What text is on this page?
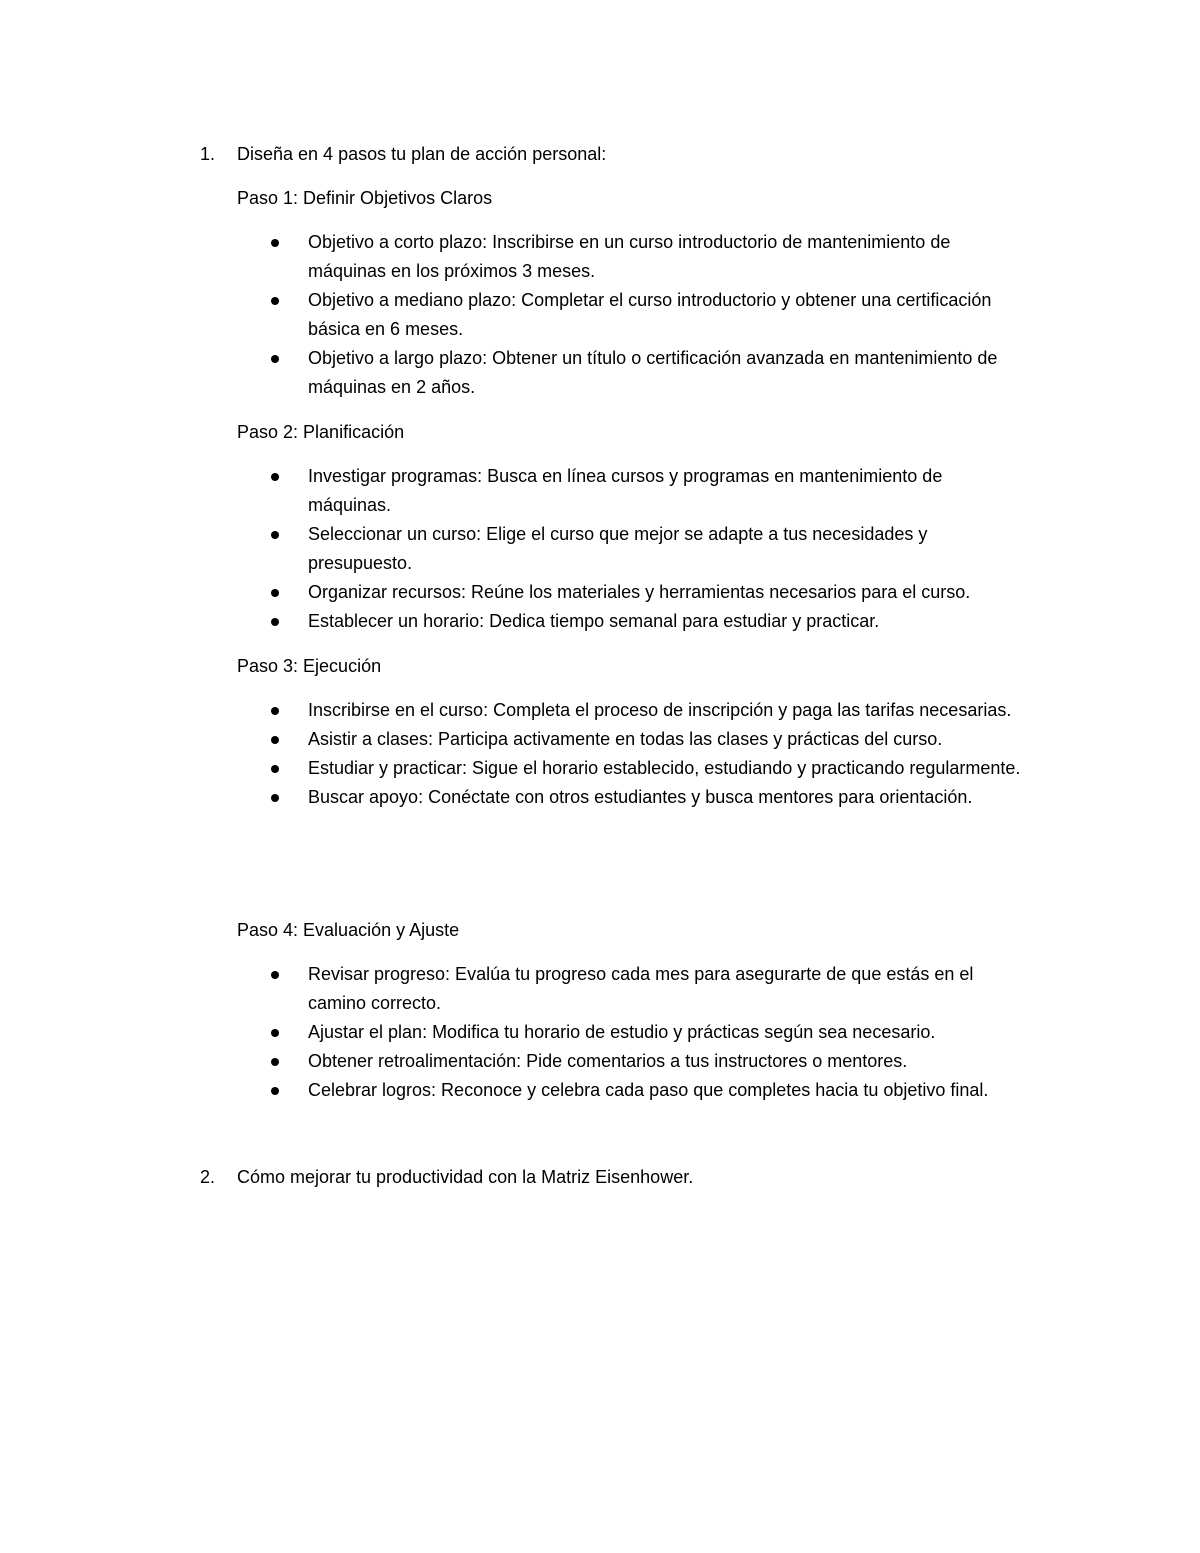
1.	Diseña en 4 pasos tu plan de acción personal:
Paso 1: Definir Objetivos Claros
Objetivo a corto plazo: Inscribirse en un curso introductorio de mantenimiento de máquinas en los próximos 3 meses.
Objetivo a mediano plazo: Completar el curso introductorio y obtener una certificación básica en 6 meses.
Objetivo a largo plazo: Obtener un título o certificación avanzada en mantenimiento de máquinas en 2 años.
Paso 2: Planificación
Investigar programas: Busca en línea cursos y programas en mantenimiento de máquinas.
Seleccionar un curso: Elige el curso que mejor se adapte a tus necesidades y presupuesto.
Organizar recursos: Reúne los materiales y herramientas necesarios para el curso.
Establecer un horario: Dedica tiempo semanal para estudiar y practicar.
Paso 3: Ejecución
Inscribirse en el curso: Completa el proceso de inscripción y paga las tarifas necesarias.
Asistir a clases: Participa activamente en todas las clases y prácticas del curso.
Estudiar y practicar: Sigue el horario establecido, estudiando y practicando regularmente.
Buscar apoyo: Conéctate con otros estudiantes y busca mentores para orientación.
Paso 4: Evaluación y Ajuste
Revisar progreso: Evalúa tu progreso cada mes para asegurarte de que estás en el camino correcto.
Ajustar el plan: Modifica tu horario de estudio y prácticas según sea necesario.
Obtener retroalimentación: Pide comentarios a tus instructores o mentores.
Celebrar logros: Reconoce y celebra cada paso que completes hacia tu objetivo final.
2.	Cómo mejorar tu productividad con la Matriz Eisenhower.
